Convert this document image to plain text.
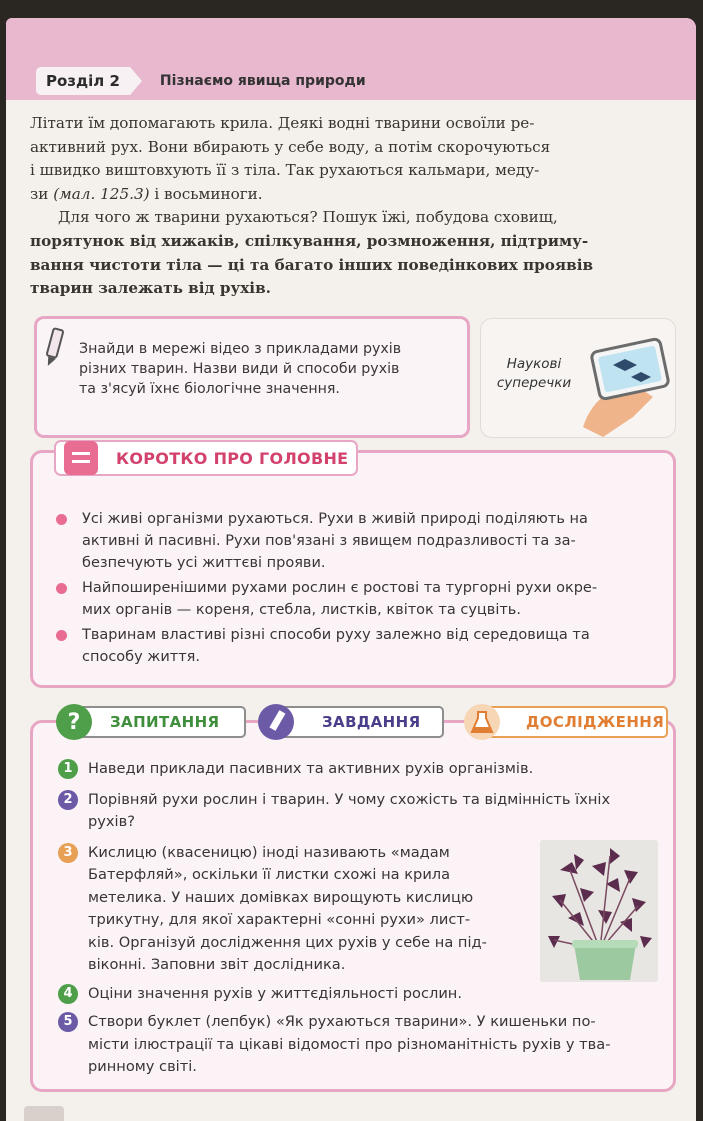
Розділ 2	Пізнаємо явища природи

Літати їм допомагають крила. Деякі водні тварини освоїли ре-
активний рух. Вони вбирають у себе воду, а потім скорочуються
і швидко виштовхують її з тіла. Так рухаються кальмари, меду-
зи (мал. 125.3) і восьминоги.

Для чого ж тварини рухаються? Пошук їжі, побудова сховищ,
порятунок від хижаків, спілкування, розмноження, підтриму-
вання чистоти тіла — ці та багато інших поведінкових проявів
тварин залежать від рухів.

Знайди в мережі відео з прикладами рухів
різних тварин. Назви види й способи рухів
та з'ясуй їхнє біологічне значення.
Наукові
суперечки
КОРОТКО ПРО ГОЛОВНЕ
Усі живі організми рухаються. Рухи в живій природі поділяють на
активні й пасивні. Рухи пов'язані з явищем подразливості та за-
безпечують усі життєві прояви.
Найпоширенішими рухами рослин є ростові та тургорні рухи окре-
мих органів — кореня, стебла, листків, квіток та суцвіть.
Тваринам властиві різні способи руху залежно від середовища та
способу життя.
ЗАПИТАННЯ
?	ЗАВДАННЯ	ДОСЛІДЖЕННЯ
1	Наведи приклади пасивних та активних рухів організмів.
2	Порівняй рухи рослин і тварин. У чому схожість та відмінність їхніх
рухів?
3	Кислицю (квасеницю) іноді називають «мадам
Батерфляй», оскільки її листки схожі на крила
метелика. У наших домівках вирощують кислицю
трикутну, для якої характерні «сонні рухи» лист-
ків. Організуй дослідження цих рухів у себе на під-
віконні. Заповни звіт дослідника.
4	Оціни значення рухів у життєдіяльності рослин.
5	Створи буклет (лепбук) «Як рухаються тварини». У кишеньки по-
місти ілюстрації та цікаві відомості про різноманітність рухів у тва-
ринному світі.
